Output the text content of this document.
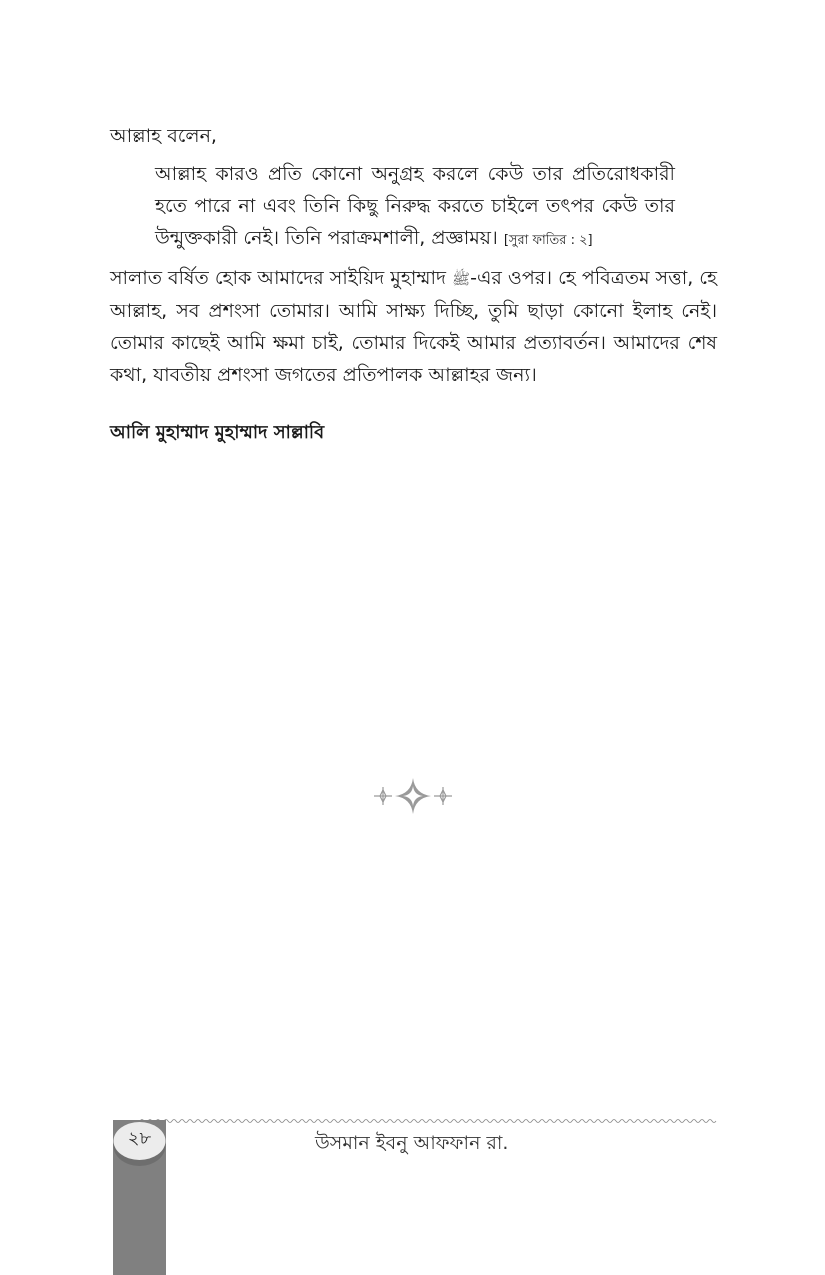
আল্লাহ বলেন,

আল্লাহ কারও প্রতি কোনো অনুগ্রহ করলে কেউ তার প্রতিরোধকারী হতে পারে না এবং তিনি কিছু নিরুদ্ধ করতে চাইলে তৎপর কেউ তার উন্মুক্তকারী নেই। তিনি পরাক্রমশালী, প্রজ্ঞাময়। [সুরা ফাতির : ২]

সালাত বর্ষিত হোক আমাদের সাইয়িদ মুহাম্মাদ ﷺ-এর ওপর। হে পবিত্রতম সত্তা, হে আল্লাহ, সব প্রশংসা তোমার। আমি সাক্ষ্য দিচ্ছি, তুমি ছাড়া কোনো ইলাহ নেই। তোমার কাছেই আমি ক্ষমা চাই, তোমার দিকেই আমার প্রত্যাবর্তন। আমাদের শেষ কথা, যাবতীয় প্রশংসা জগতের প্রতিপালক আল্লাহর জন্য।

আলি মুহাম্মাদ মুহাম্মাদ সাল্লাবি

২৮	উসমান ইবনু আফফান রা.
